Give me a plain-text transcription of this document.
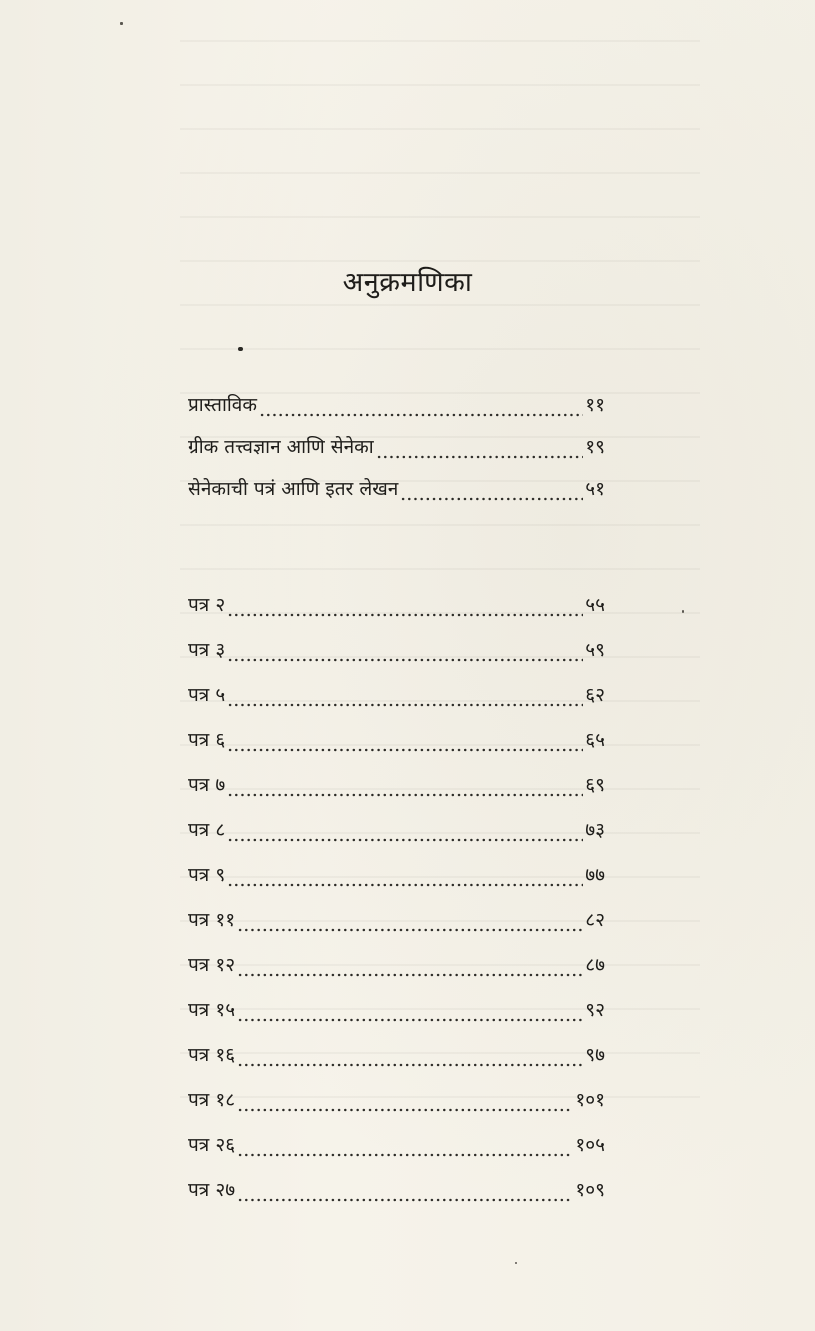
अनुक्रमणिका
प्रास्ताविक	११
ग्रीक तत्त्वज्ञान आणि सेनेका	१९
सेनेकाची पत्रं आणि इतर लेखन	५१
पत्र २	५५
पत्र ३	५९
पत्र ५	६२
पत्र ६	६५
पत्र ७	६९
पत्र ८	७३
पत्र ९	७७
पत्र ११	८२
पत्र १२	८७
पत्र १५	९२
पत्र १६	९७
पत्र १८	१०१
पत्र २६	१०५
पत्र २७	१०९
